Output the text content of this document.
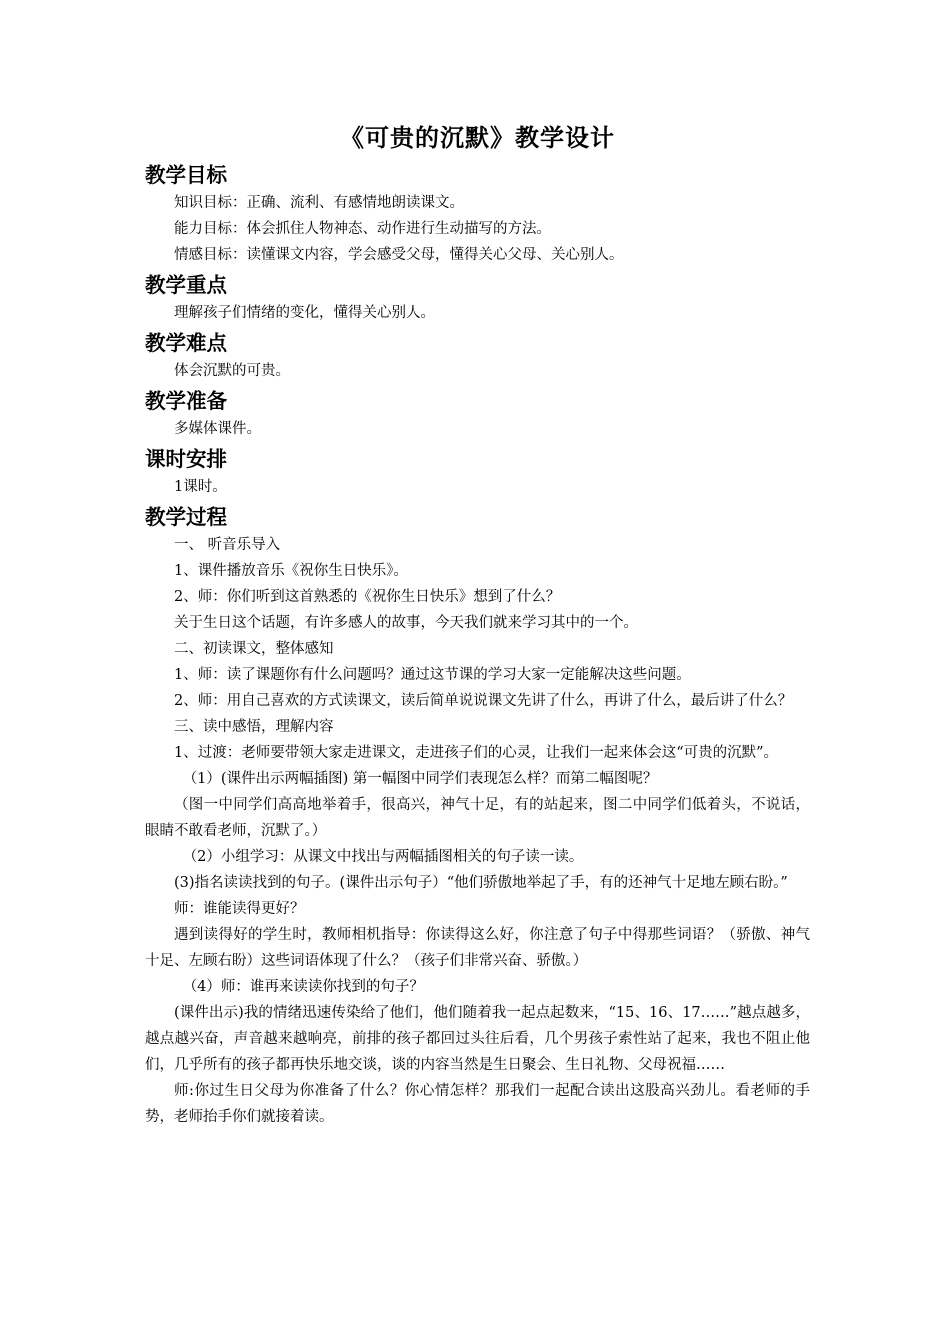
《可贵的沉默》教学设计
教学目标

知识目标：正确、流利、有感情地朗读课文。

能力目标：体会抓住人物神态、动作进行生动描写的方法。

情感目标：读懂课文内容，学会感受父母，懂得关心父母、关心别人。

教学重点

理解孩子们情绪的变化，懂得关心别人。

教学难点

体会沉默的可贵。

教学准备

多媒体课件。

课时安排

1课时。

教学过程

一、 听音乐导入

1、课件播放音乐《祝你生日快乐》。

2、师：你们听到这首熟悉的《祝你生日快乐》想到了什么？

关于生日这个话题，有许多感人的故事，今天我们就来学习其中的一个。

二、初读课文，整体感知

1、师：读了课题你有什么问题吗？通过这节课的学习大家一定能解决这些问题。

2、师：用自己喜欢的方式读课文，读后简单说说课文先讲了什么，再讲了什么，最后讲了什么？

三、读中感悟，理解内容

1、过渡：老师要带领大家走进课文，走进孩子们的心灵，让我们一起来体会这“可贵的沉默”。

（1）(课件出示两幅插图) 第一幅图中同学们表现怎么样？而第二幅图呢？

（图一中同学们高高地举着手，很高兴，神气十足，有的站起来，图二中同学们低着头，不说话，眼睛不敢看老师，沉默了。）

（2）小组学习：从课文中找出与两幅插图相关的句子读一读。

(3)指名读读找到的句子。(课件出示句子）“他们骄傲地举起了手，有的还神气十足地左顾右盼。”

师：谁能读得更好？

遇到读得好的学生时，教师相机指导：你读得这么好，你注意了句子中得那些词语？（骄傲、神气十足、左顾右盼）这些词语体现了什么？（孩子们非常兴奋、骄傲。）

（4）师：谁再来读读你找到的句子？

(课件出示)我的情绪迅速传染给了他们，他们随着我一起点起数来，“15、16、17……”越点越多，越点越兴奋，声音越来越响亮，前排的孩子都回过头往后看，几个男孩子索性站了起来，我也不阻止他们，几乎所有的孩子都再快乐地交谈，谈的内容当然是生日聚会、生日礼物、父母祝福……

师:你过生日父母为你准备了什么？你心情怎样？那我们一起配合读出这股高兴劲儿。看老师的手势，老师抬手你们就接着读。
